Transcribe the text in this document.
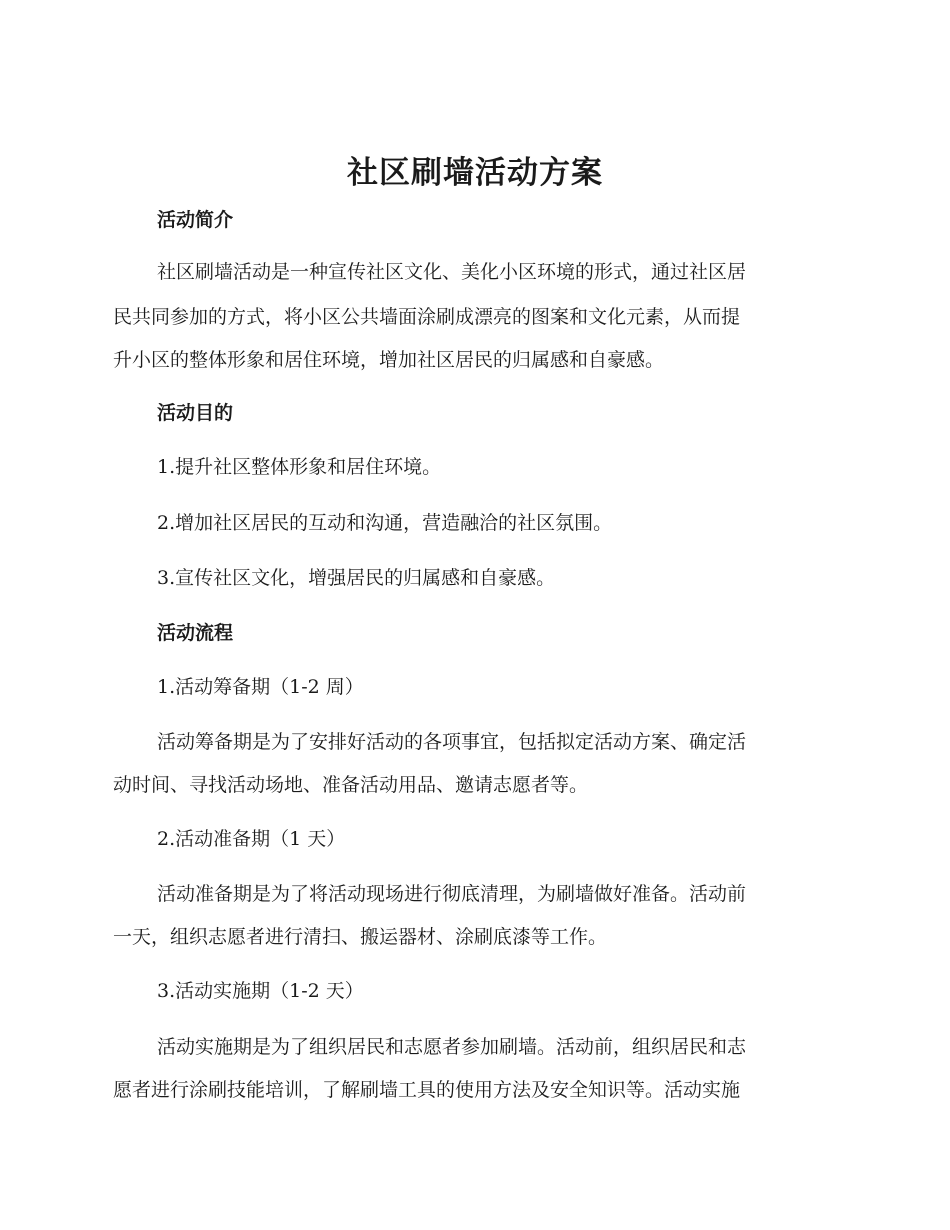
社区刷墙活动方案
活动简介

社区刷墙活动是一种宣传社区文化、美化小区环境的形式，通过社区居

民共同参加的方式，将小区公共墙面涂刷成漂亮的图案和文化元素，从而提

升小区的整体形象和居住环境，增加社区居民的归属感和自豪感。

活动目的

1.提升社区整体形象和居住环境。

2.增加社区居民的互动和沟通，营造融洽的社区氛围。

3.宣传社区文化，增强居民的归属感和自豪感。

活动流程

1.活动筹备期（1-2 周）

活动筹备期是为了安排好活动的各项事宜，包括拟定活动方案、确定活

动时间、寻找活动场地、准备活动用品、邀请志愿者等。

2.活动准备期（1 天）

活动准备期是为了将活动现场进行彻底清理，为刷墙做好准备。活动前

一天，组织志愿者进行清扫、搬运器材、涂刷底漆等工作。

3.活动实施期（1-2 天）

活动实施期是为了组织居民和志愿者参加刷墙。活动前，组织居民和志

愿者进行涂刷技能培训，了解刷墙工具的使用方法及安全知识等。活动实施
